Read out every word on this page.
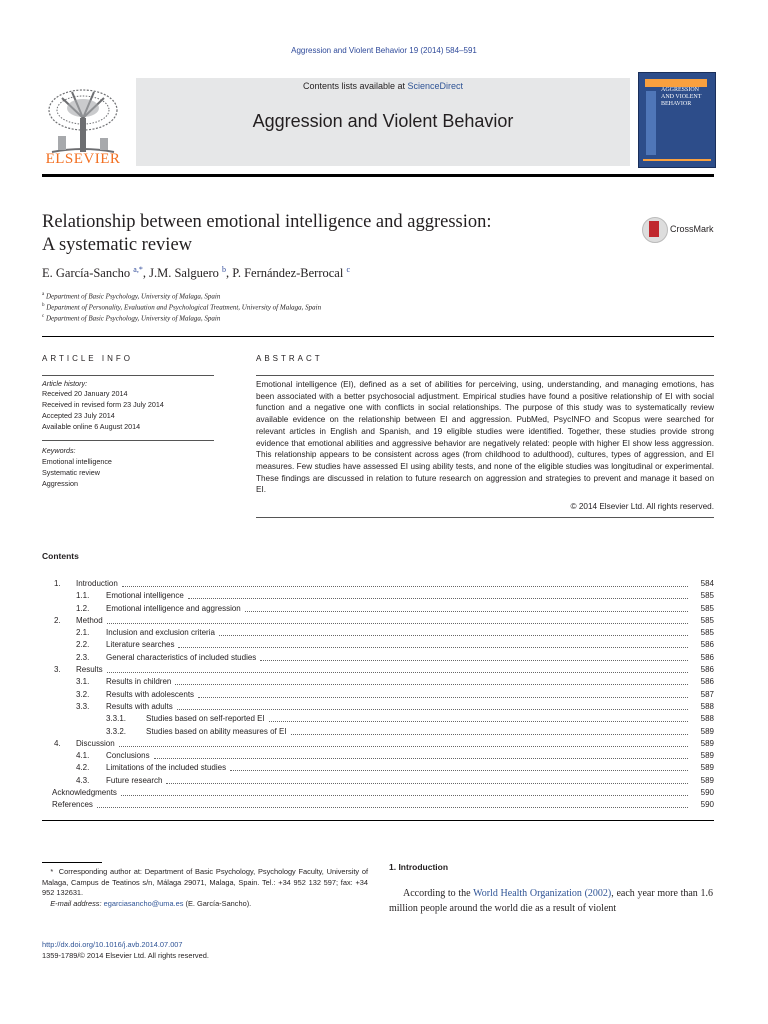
Aggression and Violent Behavior 19 (2014) 584–591
ELSEVIER
Contents lists available at ScienceDirect
Aggression and Violent Behavior
AGGRESSION AND VIOLENT BEHAVIOR
Relationship between emotional intelligence and aggression:
A systematic review
CrossMark
E. García-Sancho $^{a,*}$, J.M. Salguero $^b$, P. Fernández-Berrocal $^c$
$^a$ Department of Basic Psychology, University of Malaga, Spain
$^b$ Department of Personality, Evaluation and Psychological Treatment, University of Malaga, Spain
$^c$ Department of Basic Psychology, University of Malaga, Spain
ARTICLE INFO
Article history:
Received 20 January 2014
Received in revised form 23 July 2014
Accepted 23 July 2014
Available online 6 August 2014
Keywords:
Emotional intelligence
Systematic review
Aggression
ABSTRACT
Emotional intelligence (EI), defined as a set of abilities for perceiving, using, understanding, and managing emotions, has been associated with a better psychosocial adjustment. Empirical studies have found a positive relationship of EI with social function and a negative one with conflicts in social relationships. The purpose of this study was to systematically review available evidence on the relationship between EI and aggression. PubMed, PsycINFO and Scopus were searched for relevant articles in English and Spanish, and 19 eligible studies were identified. Together, these studies provide strong evidence that emotional abilities and aggressive behavior are negatively related: people with higher EI show less aggression. This relationship appears to be consistent across ages (from childhood to adulthood), cultures, types of aggression, and EI measures. Few studies have assessed EI using ability tests, and none of the eligible studies was longitudinal or experimental. These findings are discussed in relation to future research on aggression and strategies to prevent and manage it based on EI.
© 2014 Elsevier Ltd. All rights reserved.
Contents
1.	Introduction	584
1.1.	Emotional intelligence	585
1.2.	Emotional intelligence and aggression	585
2.	Method	585
2.1.	Inclusion and exclusion criteria	585
2.2.	Literature searches	586
2.3.	General characteristics of included studies	586
3.	Results	586
3.1.	Results in children	586
3.2.	Results with adolescents	587
3.3.	Results with adults	588
3.3.1.	Studies based on self-reported EI	588
3.3.2.	Studies based on ability measures of EI	589
4.	Discussion	589
4.1.	Conclusions	589
4.2.	Limitations of the included studies	589
4.3.	Future research	589
Acknowledgments	590
References	590
* Corresponding author at: Department of Basic Psychology, Psychology Faculty, University of Malaga, Campus de Teatinos s/n, Málaga 29071, Malaga, Spain. Tel.: +34 952 132 597; fax: +34 952 132631.
E-mail address: egarciasancho@uma.es (E. García-Sancho).
http://dx.doi.org/10.1016/j.avb.2014.07.007
1359-1789/© 2014 Elsevier Ltd. All rights reserved.
1. Introduction
According to the World Health Organization (2002), each year more than 1.6 million people around the world die as a result of violent
